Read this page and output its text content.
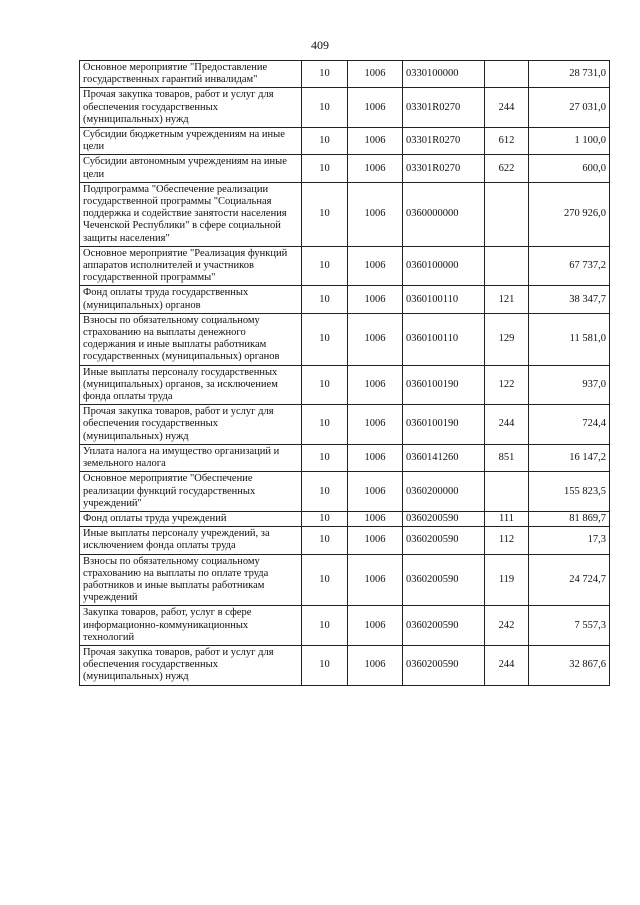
409
Основное мероприятие "Предоставление государственных гарантий инвалидам"	10	1006	0330100000		28 731,0
Прочая закупка товаров, работ и услуг для обеспечения государственных (муниципальных) нужд	10	1006	03301R0270	244	27 031,0
Субсидии бюджетным учреждениям на иные цели	10	1006	03301R0270	612	1 100,0
Субсидии автономным учреждениям на иные цели	10	1006	03301R0270	622	600,0
Подпрограмма "Обеспечение реализации государственной программы "Социальная поддержка и содействие занятости населения Чеченской Республики" в сфере социальной защиты населения"	10	1006	0360000000		270 926,0
Основное мероприятие "Реализация функций аппаратов исполнителей и участников государственной программы"	10	1006	0360100000		67 737,2
Фонд оплаты труда государственных (муниципальных) органов	10	1006	0360100110	121	38 347,7
Взносы по обязательному социальному страхованию на выплаты денежного содержания и иные выплаты работникам государственных (муниципальных) органов	10	1006	0360100110	129	11 581,0
Иные выплаты персоналу государственных (муниципальных) органов, за исключением фонда оплаты труда	10	1006	0360100190	122	937,0
Прочая закупка товаров, работ и услуг для обеспечения государственных (муниципальных) нужд	10	1006	0360100190	244	724,4
Уплата налога на имущество организаций и земельного налога	10	1006	0360141260	851	16 147,2
Основное мероприятие "Обеспечение реализации функций государственных учреждений"	10	1006	0360200000		155 823,5
Фонд оплаты труда учреждений	10	1006	0360200590	111	81 869,7
Иные выплаты персоналу учреждений, за исключением фонда оплаты труда	10	1006	0360200590	112	17,3
Взносы по обязательному социальному страхованию на выплаты по оплате труда работников и иные выплаты работникам учреждений	10	1006	0360200590	119	24 724,7
Закупка товаров, работ, услуг в сфере информационно-коммуникационных технологий	10	1006	0360200590	242	7 557,3
Прочая закупка товаров, работ и услуг для обеспечения государственных (муниципальных) нужд	10	1006	0360200590	244	32 867,6
